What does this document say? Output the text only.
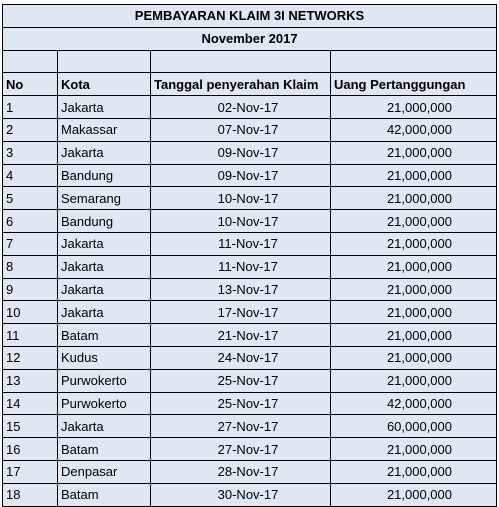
PEMBAYARAN KLAIM 3I NETWORKS			
November 2017			

No	Kota	Tanggal penyerahan Klaim	Uang Pertanggungan
1	Jakarta	02-Nov-17	21,000,000
2	Makassar	07-Nov-17	42,000,000
3	Jakarta	09-Nov-17	21,000,000
4	Bandung	09-Nov-17	21,000,000
5	Semarang	10-Nov-17	21,000,000
6	Bandung	10-Nov-17	21,000,000
7	Jakarta	11-Nov-17	21,000,000
8	Jakarta	11-Nov-17	21,000,000
9	Jakarta	13-Nov-17	21,000,000
10	Jakarta	17-Nov-17	21,000,000
11	Batam	21-Nov-17	21,000,000
12	Kudus	24-Nov-17	21,000,000
13	Purwokerto	25-Nov-17	21,000,000
14	Purwokerto	25-Nov-17	42,000,000
15	Jakarta	27-Nov-17	60,000,000
16	Batam	27-Nov-17	21,000,000
17	Denpasar	28-Nov-17	21,000,000
18	Batam	30-Nov-17	21,000,000
